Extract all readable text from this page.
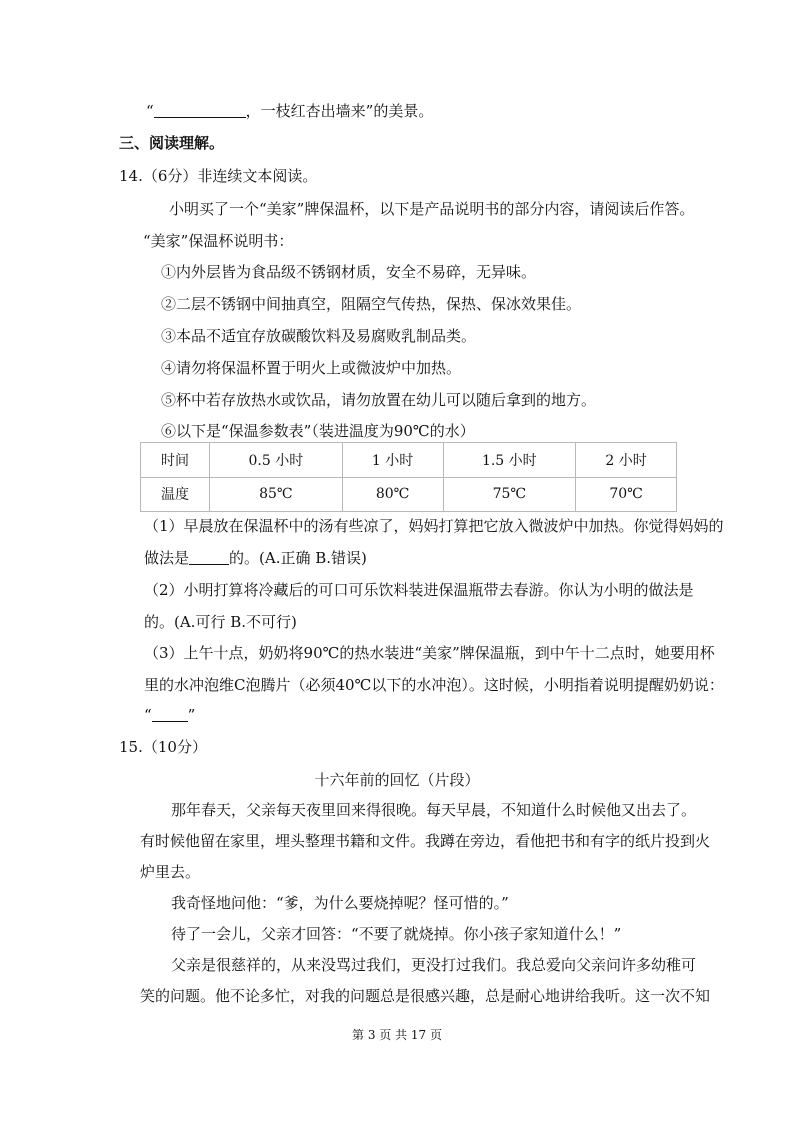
“	，一枝红杏出墙来”的美景。
三、阅读理解。
14.（6分）非连续文本阅读。
小明买了一个“美家”牌保温杯，以下是产品说明书的部分内容，请阅读后作答。
“美家”保温杯说明书：
①内外层皆为食品级不锈钢材质，安全不易碎，无异味。
②二层不锈钢中间抽真空，阻隔空气传热，保热、保冰效果佳。
③本品不适宜存放碳酸饮料及易腐败乳制品类。
④请勿将保温杯置于明火上或微波炉中加热。
⑤杯中若存放热水或饮品，请勿放置在幼儿可以随后拿到的地方。
⑥以下是“保温参数表”（装进温度为90℃的水）
时间	0.5 小时	1 小时	1.5 小时	2 小时
温度	85℃	80℃	75℃	70℃
（1）早晨放在保温杯中的汤有些凉了，妈妈打算把它放入微波炉中加热。你觉得妈妈的
做法是	的。(A.正确 B.错误)
（2）小明打算将冷藏后的可口可乐饮料装进保温瓶带去春游。你认为小明的做法是
的。(A.可行 B.不可行)
（3）上午十点，奶奶将90℃的热水装进“美家”牌保温瓶，到中午十二点时，她要用杯
里的水冲泡维C泡腾片（必须40℃以下的水冲泡）。这时候，小明指着说明提醒奶奶说：
“ ”
15.（10分）
十六年前的回忆（片段）
那年春天，父亲每天夜里回来得很晚。每天早晨，不知道什么时候他又出去了。
有时候他留在家里，埋头整理书籍和文件。我蹲在旁边，看他把书和有字的纸片投到火
炉里去。
我奇怪地问他：“爹，为什么要烧掉呢？怪可惜的。”
待了一会儿，父亲才回答：“不要了就烧掉。你小孩子家知道什么！”
父亲是很慈祥的，从来没骂过我们，更没打过我们。我总爱向父亲问许多幼稚可
笑的问题。他不论多忙，对我的问题总是很感兴趣，总是耐心地讲给我听。这一次不知
第 3 页 共 17 页
